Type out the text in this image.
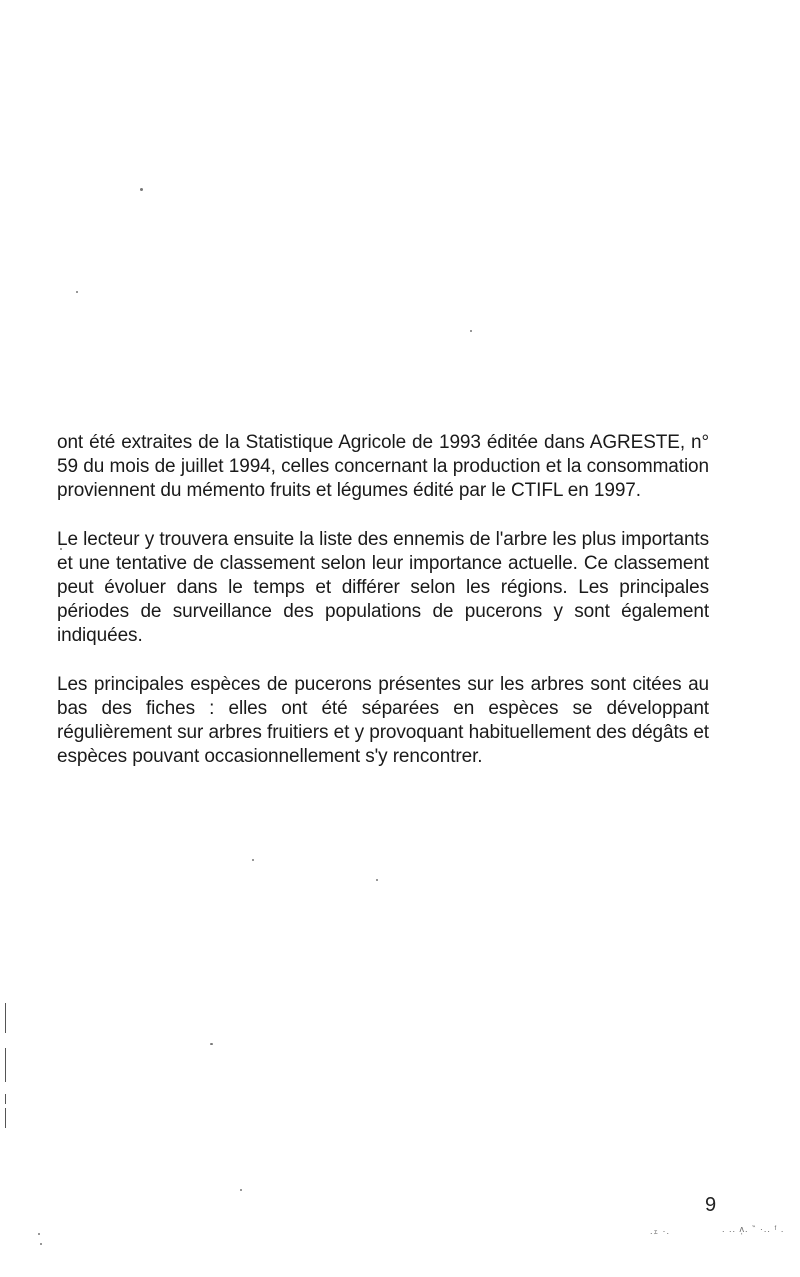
.ｪ ·.	. .. ʌ̩. ‶ ·.. ᶠ .

ont été extraites de la Statistique Agricole de 1993 éditée dans AGRESTE, n° 59 du mois de juillet 1994, celles concernant la production et la consommation proviennent du mémento fruits et légumes édité par le CTIFL en 1997.

Le lecteur y trouvera ensuite la liste des ennemis de l'arbre les plus importants et une tentative de classement selon leur importance actuelle. Ce classement peut évoluer dans le temps et différer selon les régions. Les principales périodes de surveillance des populations de pucerons y sont également indiquées.

Les principales espèces de pucerons présentes sur les arbres sont citées au bas des fiches : elles ont été séparées en espèces se développant régulièrement sur arbres fruitiers et y provoquant habituellement des dégâts et espèces pouvant occasionnellement s'y rencontrer.

9
